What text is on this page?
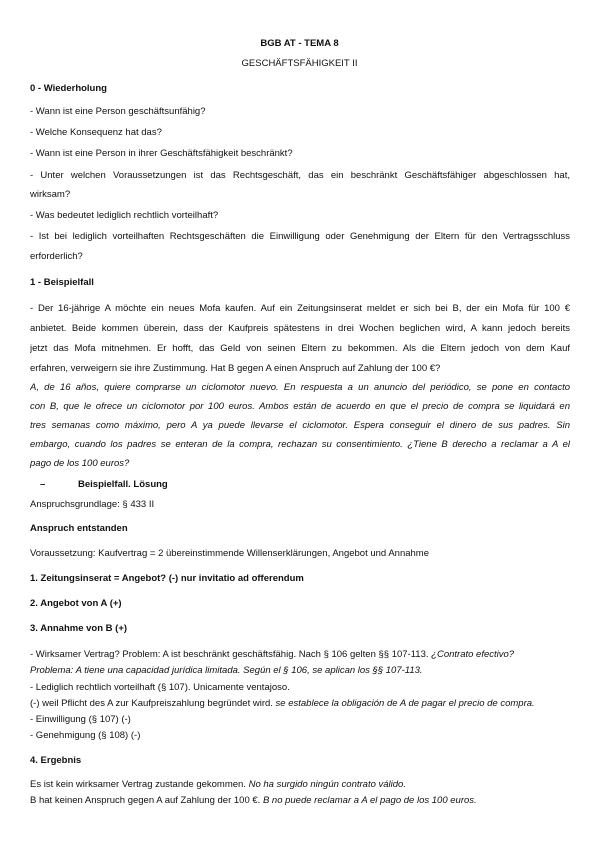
BGB AT - TEMA 8
GESCHÄFTSFÄHIGKEIT II
0 - Wiederholung
- Wann ist eine Person geschäftsunfähig?
- Welche Konsequenz hat das?
- Wann ist eine Person in ihrer Geschäftsfähigkeit beschränkt?
- Unter welchen Voraussetzungen ist das Rechtsgeschäft, das ein beschränkt Geschäftsfähiger abgeschlossen hat,
wirksam?
- Was bedeutet lediglich rechtlich vorteilhaft?
- Ist bei lediglich vorteilhaften Rechtsgeschäften die Einwilligung oder Genehmigung der Eltern für den Vertragsschluss
erforderlich?
1 - Beispielfall
- Der 16-jährige A möchte ein neues Mofa kaufen. Auf ein Zeitungsinserat meldet er sich bei B, der ein Mofa für 100 €
anbietet. Beide kommen überein, dass der Kaufpreis spätestens in drei Wochen beglichen wird, A kann jedoch bereits
jetzt das Mofa mitnehmen. Er hofft, das Geld von seinen Eltern zu bekommen. Als die Eltern jedoch von dem Kauf
erfahren, verweigern sie ihre Zustimmung. Hat B gegen A einen Anspruch auf Zahlung der 100 €?
A, de 16 años, quiere comprarse un ciclomotor nuevo. En respuesta a un anuncio del periódico, se pone en contacto
con B, que le ofrece un ciclomotor por 100 euros. Ambos están de acuerdo en que el precio de compra se liquidará en
tres semanas como máximo, pero A ya puede llevarse el ciclomotor. Espera conseguir el dinero de sus padres. Sin
embargo, cuando los padres se enteran de la compra, rechazan su consentimiento. ¿Tiene B derecho a reclamar a A el
pago de los 100 euros?
–	Beispielfall. Lösung
Anspruchsgrundlage: § 433 II
Anspruch entstanden
Voraussetzung: Kaufvertrag = 2 übereinstimmende Willenserklärungen, Angebot und Annahme
1. Zeitungsinserat = Angebot? (-) nur invitatio ad offerendum
2. Angebot von A (+)
3. Annahme von B (+)
- Wirksamer Vertrag? Problem: A ist beschränkt geschäftsfähig. Nach § 106 gelten §§ 107-113. ¿Contrato efectivo?
Problema: A tiene una capacidad jurídica limitada. Según el § 106, se aplican los §§ 107-113.
- Lediglich rechtlich vorteilhaft (§ 107). Unicamente ventajoso.
(-) weil Pflicht des A zur Kaufpreiszahlung begründet wird. se establece la obligación de A de pagar el precio de compra.
- Einwilligung (§ 107) (-)
- Genehmigung (§ 108) (-)
4. Ergebnis
Es ist kein wirksamer Vertrag zustande gekommen. No ha surgido ningún contrato válido.
B hat keinen Anspruch gegen A auf Zahlung der 100 €. B no puede reclamar a A el pago de los 100 euros.
